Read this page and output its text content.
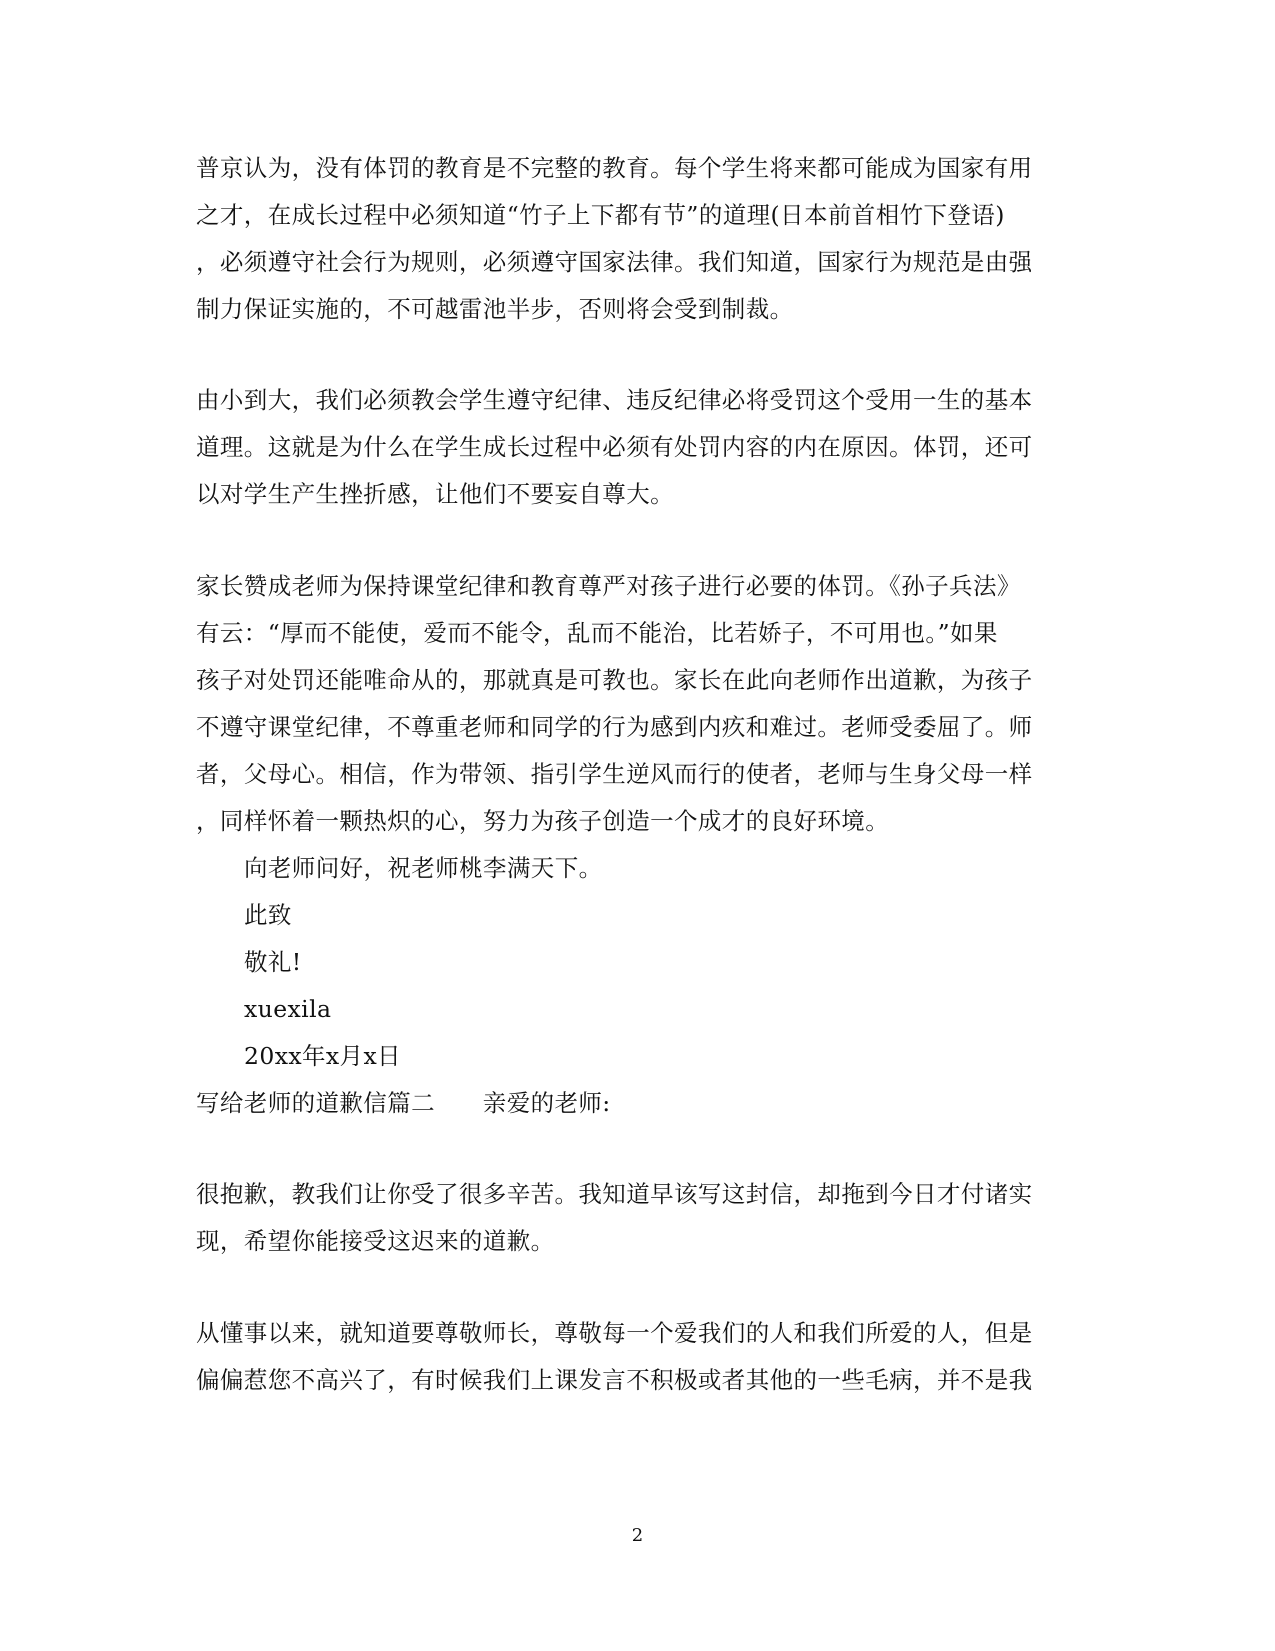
普京认为，没有体罚的教育是不完整的教育。每个学生将来都可能成为国家有用
之才，在成长过程中必须知道“竹子上下都有节”的道理(日本前首相竹下登语)
，必须遵守社会行为规则，必须遵守国家法律。我们知道，国家行为规范是由强
制力保证实施的，不可越雷池半步，否则将会受到制裁。
由小到大，我们必须教会学生遵守纪律、违反纪律必将受罚这个受用一生的基本
道理。这就是为什么在学生成长过程中必须有处罚内容的内在原因。体罚，还可
以对学生产生挫折感，让他们不要妄自尊大。
家长赞成老师为保持课堂纪律和教育尊严对孩子进行必要的体罚。《孙子兵法》
有云：“厚而不能使，爱而不能令，乱而不能治，比若娇子，不可用也。”如果
孩子对处罚还能唯命从的，那就真是可教也。家长在此向老师作出道歉，为孩子
不遵守课堂纪律，不尊重老师和同学的行为感到内疚和难过。老师受委屈了。师
者，父母心。相信，作为带领、指引学生逆风而行的使者，老师与生身父母一样
，同样怀着一颗热炽的心，努力为孩子创造一个成才的良好环境。
向老师问好，祝老师桃李满天下。
此致
敬礼!
xuexila
20xx年x月x日
写给老师的道歉信篇二　　亲爱的老师:
很抱歉，教我们让你受了很多辛苦。我知道早该写这封信，却拖到今日才付诸实
现，希望你能接受这迟来的道歉。
从懂事以来，就知道要尊敬师长，尊敬每一个爱我们的人和我们所爱的人，但是
偏偏惹您不高兴了，有时候我们上课发言不积极或者其他的一些毛病，并不是我
2
